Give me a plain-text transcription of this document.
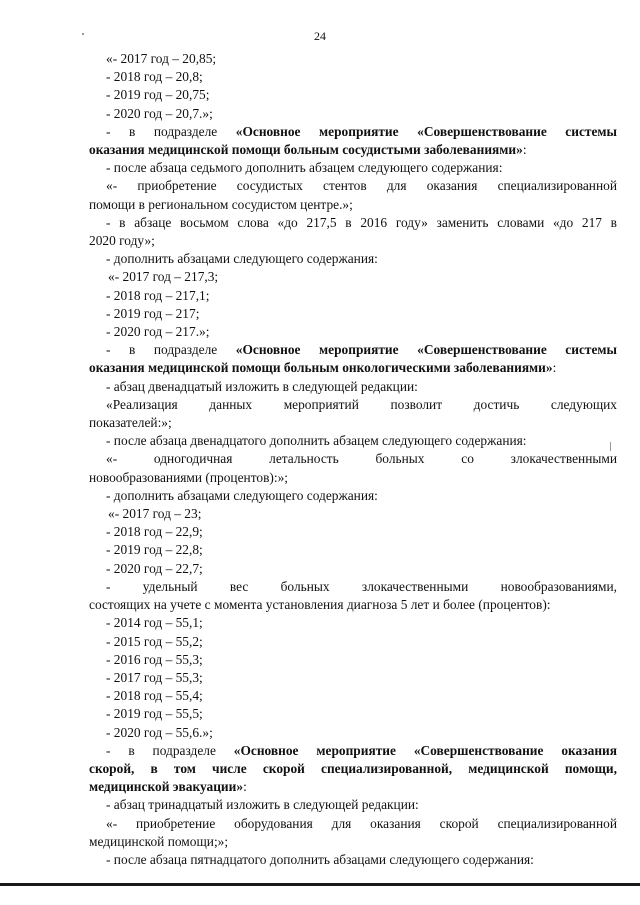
24
«- 2017 год – 20,85;
- 2018 год – 20,8;
- 2019 год – 20,75;
- 2020 год – 20,7.»;
- в подразделе «Основное мероприятие «Совершенствование системы
оказания медицинской помощи больным сосудистыми заболеваниями»:
- после абзаца седьмого дополнить абзацем следующего содержания:
«- приобретение сосудистых стентов для оказания специализированной
помощи в региональном сосудистом центре.»;
- в абзаце восьмом слова «до 217,5 в 2016 году» заменить словами «до 217 в
2020 году»;
- дополнить абзацами следующего содержания:
«- 2017 год – 217,3;
- 2018 год – 217,1;
- 2019 год – 217;
- 2020 год – 217.»;
- в подразделе «Основное мероприятие «Совершенствование системы
оказания медицинской помощи больным онкологическими заболеваниями»:
- абзац двенадцатый изложить в следующей редакции:
«Реализация данных мероприятий позволит достичь следующих
показателей:»;
- после абзаца двенадцатого дополнить абзацем следующего содержания:
«- одногодичная летальность больных со злокачественными
новообразованиями (процентов):»;
- дополнить абзацами следующего содержания:
«- 2017 год – 23;
- 2018 год – 22,9;
- 2019 год – 22,8;
- 2020 год – 22,7;
- удельный вес больных злокачественными новообразованиями,
состоящих на учете с момента установления диагноза 5 лет и более (процентов):
- 2014 год – 55,1;
- 2015 год – 55,2;
- 2016 год – 55,3;
- 2017 год – 55,3;
- 2018 год – 55,4;
- 2019 год – 55,5;
- 2020 год – 55,6.»;
- в подразделе «Основное мероприятие «Совершенствование оказания
скорой, в том числе скорой специализированной, медицинской помощи,
медицинской эвакуации»:
- абзац тринадцатый изложить в следующей редакции:
«- приобретение оборудования для оказания скорой специализированной
медицинской помощи;»;
- после абзаца пятнадцатого дополнить абзацами следующего содержания:
